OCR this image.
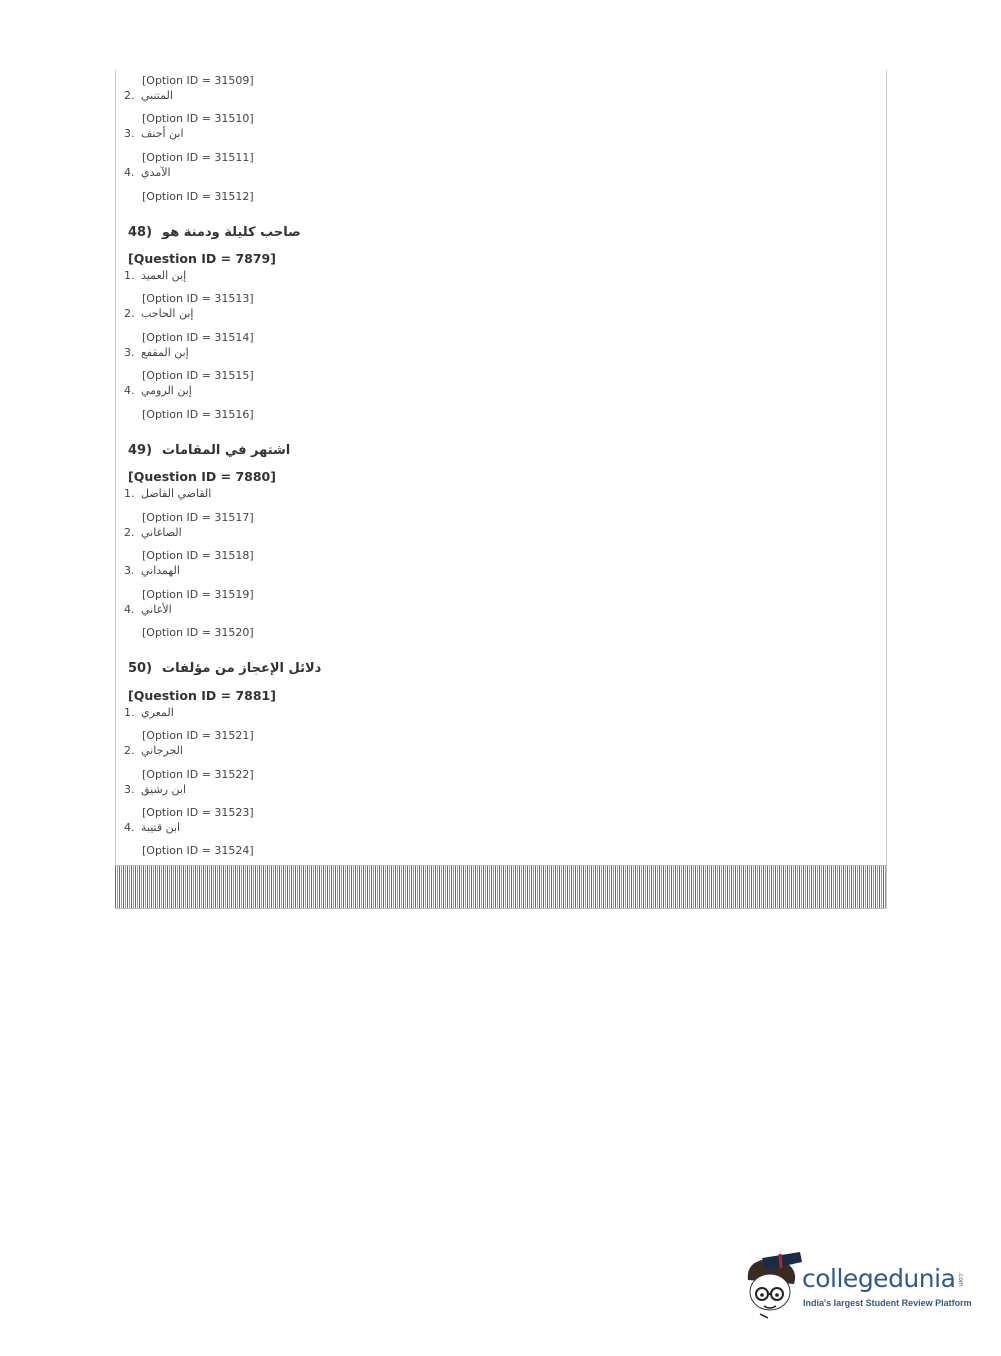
[Option ID = 31509]
2. المتنبي
[Option ID = 31510]
3. ابن أحنف
[Option ID = 31511]
4. الآمدي
[Option ID = 31512]
48) صاحب كليلة ودمنة هو
[Question ID = 7879]
1. إبن العميد
[Option ID = 31513]
2. إبن الحاجب
[Option ID = 31514]
3. إبن المقفع
[Option ID = 31515]
4. إبن الرومي
[Option ID = 31516]
49) اشتهر في المقامات
[Question ID = 7880]
1. القاضي الفاضل
[Option ID = 31517]
2. الصاغاني
[Option ID = 31518]
3. الهمداني
[Option ID = 31519]
4. الأغاني
[Option ID = 31520]
50) دلائل الإعجاز من مؤلفات
[Question ID = 7881]
1. المعري
[Option ID = 31521]
2. الجرجاني
[Option ID = 31522]
3. ابن رشيق
[Option ID = 31523]
4. ابن قتيبة
[Option ID = 31524]
collegedunia .com
India's largest Student Review Platform
